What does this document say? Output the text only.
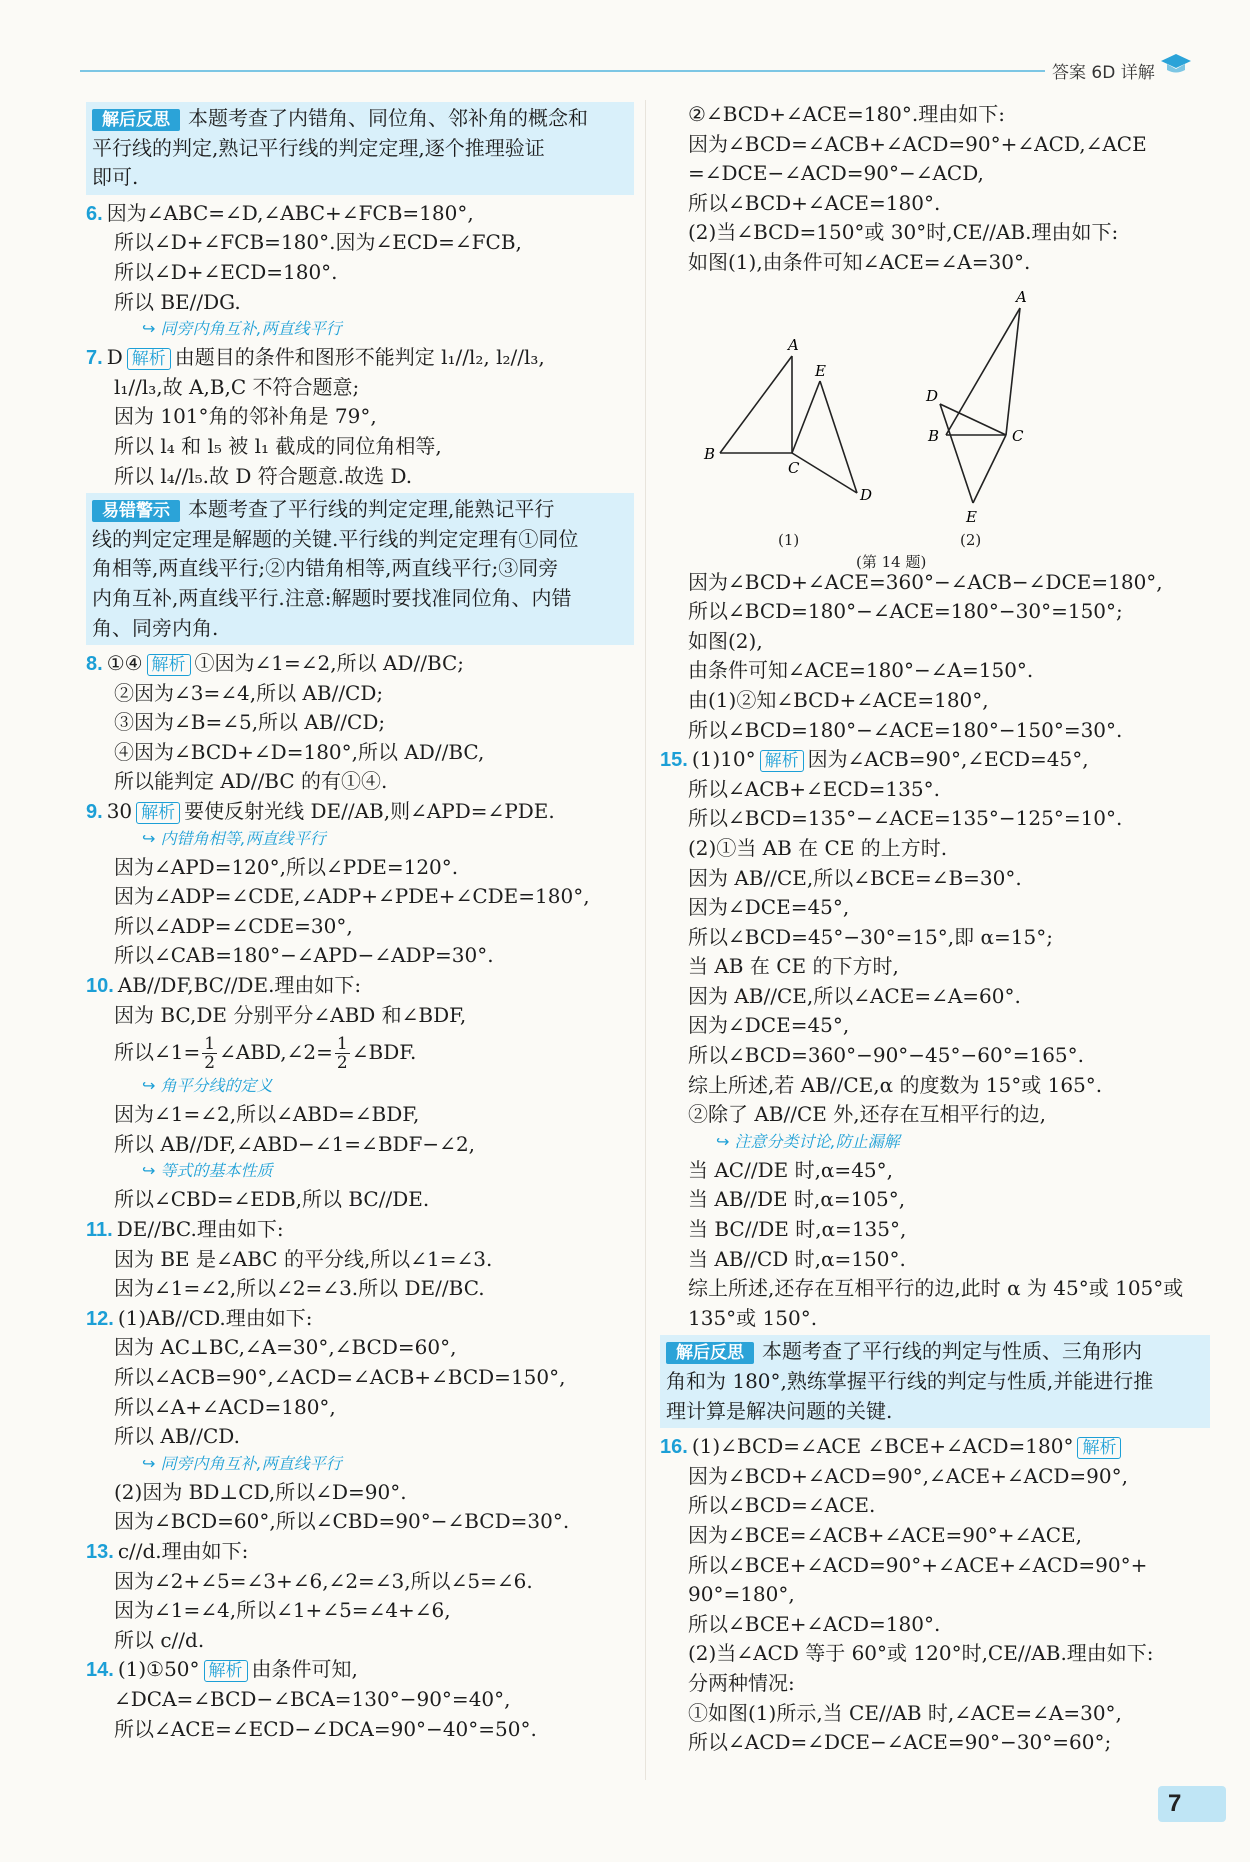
答案 6D 详解
解后反思 本题考查了内错角、同位角、邻补角的概念和
平行线的判定,熟记平行线的判定定理,逐个推理验证
即可.
6. 因为∠ABC=∠D,∠ABC+∠FCB=180°,
所以∠D+∠FCB=180°.因为∠ECD=∠FCB,
所以∠D+∠ECD=180°.
所以 BE//DG.
↪ 同旁内角互补,两直线平行
7. D 解析 由题目的条件和图形不能判定 l₁//l₂, l₂//l₃,
l₁//l₃,故 A,B,C 不符合题意;
因为 101°角的邻补角是 79°,
所以 l₄ 和 l₅ 被 l₁ 截成的同位角相等,
所以 l₄//l₅.故 D 符合题意.故选 D.
易错警示 本题考查了平行线的判定定理,能熟记平行
线的判定定理是解题的关键.平行线的判定定理有①同位
角相等,两直线平行;②内错角相等,两直线平行;③同旁
内角互补,两直线平行.注意:解题时要找准同位角、内错
角、同旁内角.
8. ①④ 解析 ①因为∠1=∠2,所以 AD//BC;
②因为∠3=∠4,所以 AB//CD;
③因为∠B=∠5,所以 AB//CD;
④因为∠BCD+∠D=180°,所以 AD//BC,
所以能判定 AD//BC 的有①④.
9. 30 解析 要使反射光线 DE//AB,则∠APD=∠PDE.
↪ 内错角相等,两直线平行
因为∠APD=120°,所以∠PDE=120°.
因为∠ADP=∠CDE,∠ADP+∠PDE+∠CDE=180°,
所以∠ADP=∠CDE=30°,
所以∠CAB=180°−∠APD−∠ADP=30°.
10. AB//DF,BC//DE.理由如下:
因为 BC,DE 分别平分∠ABD 和∠BDF,
所以∠1= $\frac{1}{2}$ ∠ABD,∠2= $\frac{1}{2}$ ∠BDF.
↪ 角平分线的定义
因为∠1=∠2,所以∠ABD=∠BDF,
所以 AB//DF,∠ABD−∠1=∠BDF−∠2,
↪ 等式的基本性质
所以∠CBD=∠EDB,所以 BC//DE.
11. DE//BC.理由如下:
因为 BE 是∠ABC 的平分线,所以∠1=∠3.
因为∠1=∠2,所以∠2=∠3.所以 DE//BC.
12. (1)AB//CD.理由如下:
因为 AC⊥BC,∠A=30°,∠BCD=60°,
所以∠ACB=90°,∠ACD=∠ACB+∠BCD=150°,
所以∠A+∠ACD=180°,
所以 AB//CD.
↪ 同旁内角互补,两直线平行
(2)因为 BD⊥CD,所以∠D=90°.
因为∠BCD=60°,所以∠CBD=90°−∠BCD=30°.
13. c//d.理由如下:
因为∠2+∠5=∠3+∠6,∠2=∠3,所以∠5=∠6.
因为∠1=∠4,所以∠1+∠5=∠4+∠6,
所以 c//d.
14. (1)①50° 解析 由条件可知,
∠DCA=∠BCD−∠BCA=130°−90°=40°,
所以∠ACE=∠ECD−∠DCA=90°−40°=50°.
②∠BCD+∠ACE=180°.理由如下:
因为∠BCD=∠ACB+∠ACD=90°+∠ACD,∠ACE
=∠DCE−∠ACD=90°−∠ACD,
所以∠BCD+∠ACE=180°.
(2)当∠BCD=150°或 30°时,CE//AB.理由如下:
如图(1),由条件可知∠ACE=∠A=30°.
A
B
C
D
E
A
B	C
D
E
(1)	(2)
(第 14 题)
因为∠BCD+∠ACE=360°−∠ACB−∠DCE=180°,
所以∠BCD=180°−∠ACE=180°−30°=150°;
如图(2),
由条件可知∠ACE=180°−∠A=150°.
由(1)②知∠BCD+∠ACE=180°,
所以∠BCD=180°−∠ACE=180°−150°=30°.
15. (1)10° 解析 因为∠ACB=90°,∠ECD=45°,
所以∠ACB+∠ECD=135°.
所以∠BCD=135°−∠ACE=135°−125°=10°.
(2)①当 AB 在 CE 的上方时.
因为 AB//CE,所以∠BCE=∠B=30°.
因为∠DCE=45°,
所以∠BCD=45°−30°=15°,即 α=15°;
当 AB 在 CE 的下方时,
因为 AB//CE,所以∠ACE=∠A=60°.
因为∠DCE=45°,
所以∠BCD=360°−90°−45°−60°=165°.
综上所述,若 AB//CE,α 的度数为 15°或 165°.
②除了 AB//CE 外,还存在互相平行的边,
↪ 注意分类讨论,防止漏解
当 AC//DE 时,α=45°,
当 AB//DE 时,α=105°,
当 BC//DE 时,α=135°,
当 AB//CD 时,α=150°.
综上所述,还存在互相平行的边,此时 α 为 45°或 105°或
135°或 150°.
解后反思 本题考查了平行线的判定与性质、三角形内
角和为 180°,熟练掌握平行线的判定与性质,并能进行推
理计算是解决问题的关键.
16. (1)∠BCD=∠ACE ∠BCE+∠ACD=180° 解析
因为∠BCD+∠ACD=90°,∠ACE+∠ACD=90°,
所以∠BCD=∠ACE.
因为∠BCE=∠ACB+∠ACE=90°+∠ACE,
所以∠BCE+∠ACD=90°+∠ACE+∠ACD=90°+
90°=180°,
所以∠BCE+∠ACD=180°.
(2)当∠ACD 等于 60°或 120°时,CE//AB.理由如下:
分两种情况:
①如图(1)所示,当 CE//AB 时,∠ACE=∠A=30°,
所以∠ACD=∠DCE−∠ACE=90°−30°=60°;
7
